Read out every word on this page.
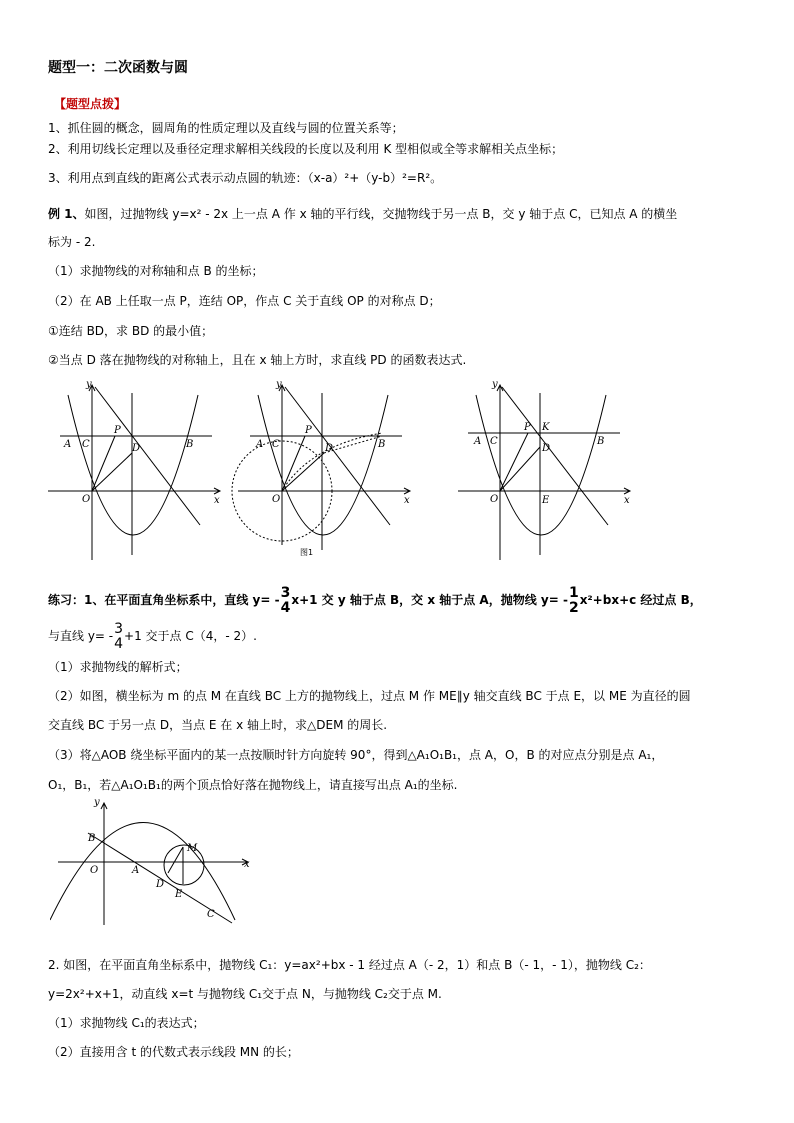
题型一：二次函数与圆
【题型点拨】
1、抓住圆的概念，圆周角的性质定理以及直线与圆的位置关系等；
2、利用切线长定理以及垂径定理求解相关线段的长度以及利用 K 型相似或全等求解相关点坐标；
3、利用点到直线的距离公式表示动点圆的轨迹：（x-a）²+（y-b）²=R²。
例 1、如图，过抛物线 y=x² - 2x 上一点 A 作 x 轴的平行线，交抛物线于另一点 B，交 y 轴于点 C，已知点 A 的横坐
标为 - 2.
（1）求抛物线的对称轴和点 B 的坐标；
（2）在 AB 上任取一点 P，连结 OP，作点 C 关于直线 OP 的对称点 D；
①连结 BD，求 BD 的最小值；
②当点 D 落在抛物线的对称轴上，且在 x 轴上方时，求直线 PD 的函数表达式.
y
x
O
A C
P
D	B
y
x
O
A C
P
D	B
图1
y
x
O
A C
P K
D
E
B
练习：1、在平面直角坐标系中，直线 y= - 3
4 x+1 交 y 轴于点 B，交 x 轴于点 A，抛物线 y= - 1
2 x²+bx+c 经过点 B，
与直线 y= - 3
4 +1 交于点 C（4，- 2）.
（1）求抛物线的解析式；
（2）如图，横坐标为 m 的点 M 在直线 BC 上方的抛物线上，过点 M 作 ME∥y 轴交直线 BC 于点 E，以 ME 为直径的圆
交直线 BC 于另一点 D，当点 E 在 x 轴上时，求△DEM 的周长.
（3）将△AOB 绕坐标平面内的某一点按顺时针方向旋转 90°，得到△A₁O₁B₁，点 A，O，B 的对应点分别是点 A₁，
O₁，B₁，若△A₁O₁B₁的两个顶点恰好落在抛物线上，请直接写出点 A₁的坐标.
y
x
O	A
B
D
E
M
C
2. 如图，在平面直角坐标系中，抛物线 C₁：y=ax²+bx - 1 经过点 A（- 2，1）和点 B（- 1，- 1），抛物线 C₂：
y=2x²+x+1，动直线 x=t 与抛物线 C₁交于点 N，与抛物线 C₂交于点 M.
（1）求抛物线 C₁的表达式；
（2）直接用含 t 的代数式表示线段 MN 的长；
